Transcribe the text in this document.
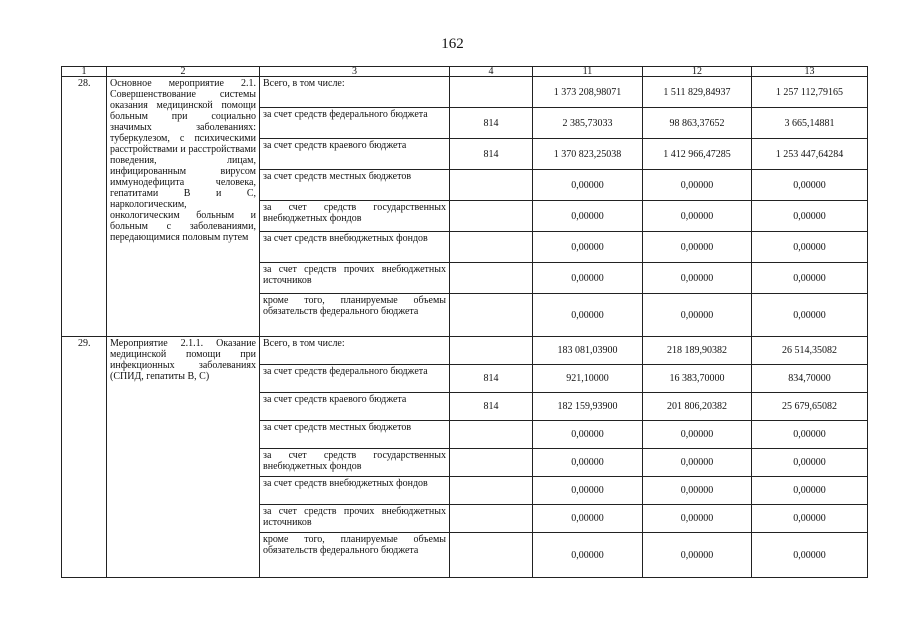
162
1	2	3	4	11	12	13
28.	Основное мероприятие 2.1. Совершенствование системы оказания медицинской помощи больным при социально значимых заболеваниях: туберкулезом, с психическими расстройствами и расстройствами поведения, лицам, инфицированным вирусом иммунодефицита человека, гепатитами В и С, наркологическим, онкологическим больным и больным с заболеваниями, передающимися половым путем	Всего, в том числе:		1 373 208,98071	1 511 829,84937	1 257 112,79165
		за счет средств федерального бюджета	814	2 385,73033	98 863,37652	3 665,14881
		за счет средств краевого бюджета	814	1 370 823,25038	1 412 966,47285	1 253 447,64284
		за счет средств местных бюджетов		0,00000	0,00000	0,00000
		за счет средств государственных внебюджетных фондов		0,00000	0,00000	0,00000
		за счет средств внебюджетных фондов		0,00000	0,00000	0,00000
		за счет средств прочих внебюджетных источников		0,00000	0,00000	0,00000
		кроме того, планируемые объемы обязательств федерального бюджета		0,00000	0,00000	0,00000
29.	Мероприятие 2.1.1. Оказание медицинской помощи при инфекционных заболеваниях (СПИД, гепатиты В, С)	Всего, в том числе:		183 081,03900	218 189,90382	26 514,35082
		за счет средств федерального бюджета	814	921,10000	16 383,70000	834,70000
		за счет средств краевого бюджета	814	182 159,93900	201 806,20382	25 679,65082
		за счет средств местных бюджетов		0,00000	0,00000	0,00000
		за счет средств государственных внебюджетных фондов		0,00000	0,00000	0,00000
		за счет средств внебюджетных фондов		0,00000	0,00000	0,00000
		за счет средств прочих внебюджетных источников		0,00000	0,00000	0,00000
		кроме того, планируемые объемы обязательств федерального бюджета		0,00000	0,00000	0,00000
